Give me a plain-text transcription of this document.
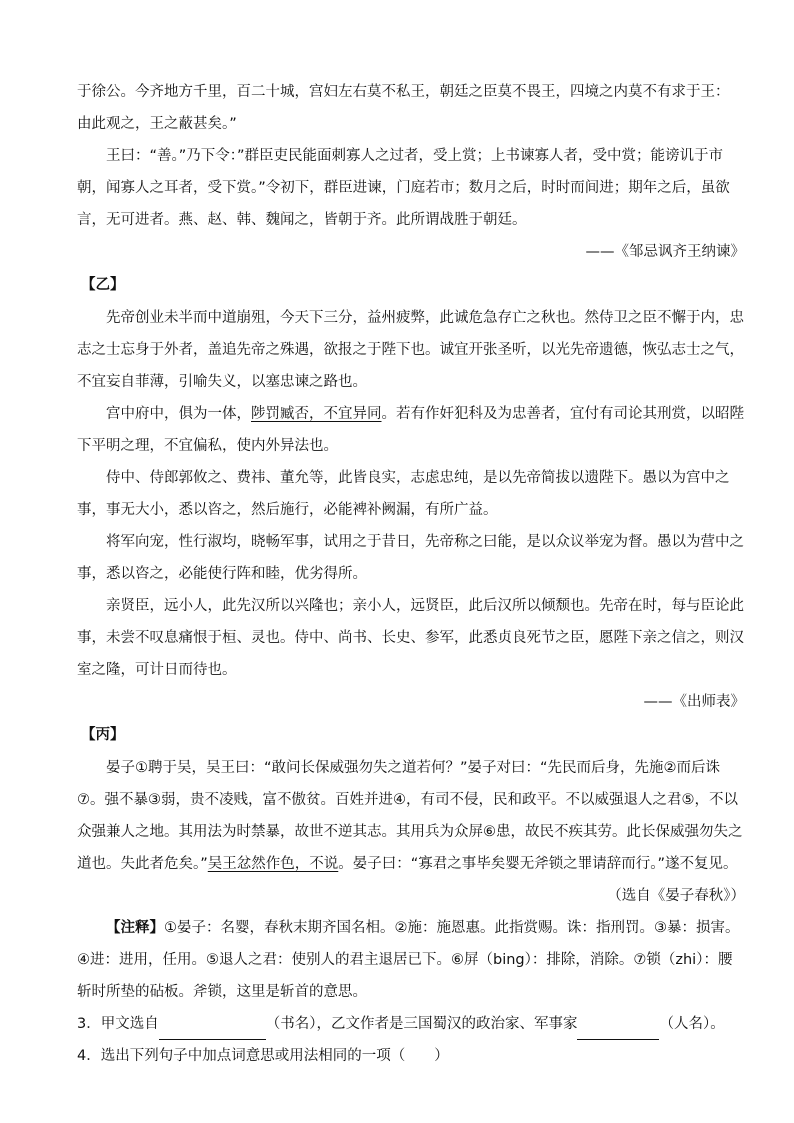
于徐公。今齐地方千里，百二十城，宫妇左右莫不私王，朝廷之臣莫不畏王，四境之内莫不有求于王：

由此观之，王之蔽甚矣。”

王曰：“善。”乃下令：”群臣吏民能面刺寡人之过者，受上赏；上书谏寡人者，受中赏；能谤讥于市朝，闻寡人之耳者，受下赏。”令初下，群臣进谏，门庭若市；数月之后，时时而间进；期年之后，虽欲言，无可进者。燕、赵、韩、魏闻之，皆朝于齐。此所谓战胜于朝廷。

——《邹忌讽齐王纳谏》

【乙】

先帝创业未半而中道崩殂，今天下三分，益州疲弊，此诚危急存亡之秋也。然侍卫之臣不懈于内，忠志之士忘身于外者，盖追先帝之殊遇，欲报之于陛下也。诚宜开张圣听，以光先帝遗德，恢弘志士之气，不宜妄自菲薄，引喻失义，以塞忠谏之路也。

宫中府中，俱为一体，陟罚臧否，不宜异同。若有作奸犯科及为忠善者，宜付有司论其刑赏，以昭陛下平明之理，不宜偏私，使内外异法也。

侍中、侍郎郭攸之、费祎、董允等，此皆良实，志虑忠纯，是以先帝简拔以遗陛下。愚以为宫中之事，事无大小，悉以咨之，然后施行，必能裨补阙漏，有所广益。

将军向宠，性行淑均，晓畅军事，试用之于昔日，先帝称之曰能，是以众议举宠为督。愚以为营中之事，悉以咨之，必能使行阵和睦，优劣得所。

亲贤臣，远小人，此先汉所以兴隆也；亲小人，远贤臣，此后汉所以倾颓也。先帝在时，每与臣论此事，未尝不叹息痛恨于桓、灵也。侍中、尚书、长史、参军，此悉贞良死节之臣，愿陛下亲之信之，则汉室之隆，可计日而待也。

——《出师表》

【丙】

晏子①聘于吴，吴王曰：“敢问长保威强勿失之道若何？”晏子对曰：“先民而后身，先施②而后诛⑦。强不暴③弱，贵不凌贱，富不傲贫。百姓并进④，有司不侵，民和政平。不以威强退人之君⑤，不以众强兼人之地。其用法为时禁暴，故世不逆其志。其用兵为众屏⑥患，故民不疾其劳。此长保威强勿失之道也。失此者危矣。”吴王忿然作色，不说。晏子曰：“寡君之事毕矣婴无斧锁之罪请辞而行。”遂不复见。

（选自《晏子春秋》）

【注释】①晏子：名婴，春秋末期齐国名相。②施：施恩惠。此指赏赐。诛：指刑罚。③暴：损害。④进：进用，任用。⑤退人之君：使别人的君主退居已下。⑥屏（bing）：排除，消除。⑦锁（zhi）：腰斩时所垫的砧板。斧锁，这里是斩首的意思。

3．甲文选自	（书名），乙文作者是三国蜀汉的政治家、军事家	（人名）。

4．选出下列句子中加点词意思或用法相同的一项（　　）
